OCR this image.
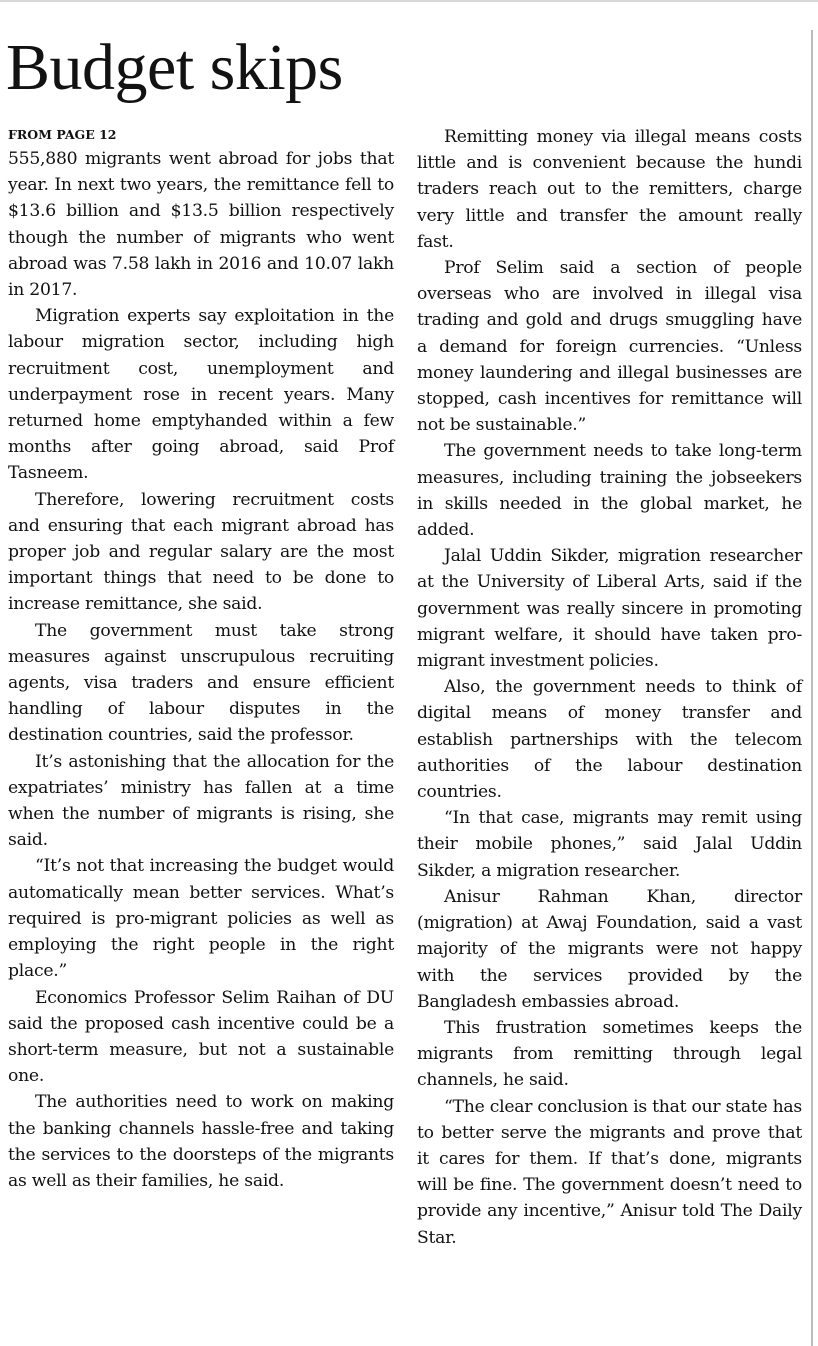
Budget skips
FROM PAGE 12

555,880 migrants went abroad for jobs that year. In next two years, the remittance fell to $13.6 billion and $13.5 billion respectively though the number of migrants who went abroad was 7.58 lakh in 2016 and 10.07 lakh in 2017.

Migration experts say exploitation in the labour migration sector, including high recruitment cost, unemployment and underpayment rose in recent years. Many returned home emptyhanded within a few months after going abroad, said Prof Tasneem.

Therefore, lowering recruitment costs and ensuring that each migrant abroad has proper job and regular salary are the most important things that need to be done to increase remittance, she said.

The government must take strong measures against unscrupulous recruiting agents, visa traders and ensure efficient handling of labour disputes in the destination countries, said the professor.

It’s astonishing that the allocation for the expatriates’ ministry has fallen at a time when the number of migrants is rising, she said.

“It’s not that increasing the budget would automatically mean better services. What’s required is pro-migrant policies as well as employing the right people in the right place.”

Economics Professor Selim Raihan of DU said the proposed cash incentive could be a short-term measure, but not a sustainable one.

The authorities need to work on making the banking channels hassle-free and taking the services to the doorsteps of the migrants as well as their families, he said.

Remitting money via illegal means costs little and is convenient because the hundi traders reach out to the remitters, charge very little and transfer the amount really fast.

Prof Selim said a section of people overseas who are involved in illegal visa trading and gold and drugs smuggling have a demand for foreign currencies. “Unless money laundering and illegal businesses are stopped, cash incentives for remittance will not be sustainable.”

The government needs to take long-term measures, including training the jobseekers in skills needed in the global market, he added.

Jalal Uddin Sikder, migration researcher at the University of Liberal Arts, said if the government was really sincere in promoting migrant welfare, it should have taken pro-migrant investment policies.

Also, the government needs to think of digital means of money transfer and establish partnerships with the telecom authorities of the labour destination countries.

“In that case, migrants may remit using their mobile phones,” said Jalal Uddin Sikder, a migration researcher.

Anisur Rahman Khan, director (migration) at Awaj Foundation, said a vast majority of the migrants were not happy with the services provided by the Bangladesh embassies abroad.

This frustration sometimes keeps the migrants from remitting through legal channels, he said.

“The clear conclusion is that our state has to better serve the migrants and prove that it cares for them. If that’s done, migrants will be fine. The government doesn’t need to provide any incentive,” Anisur told The Daily Star.
